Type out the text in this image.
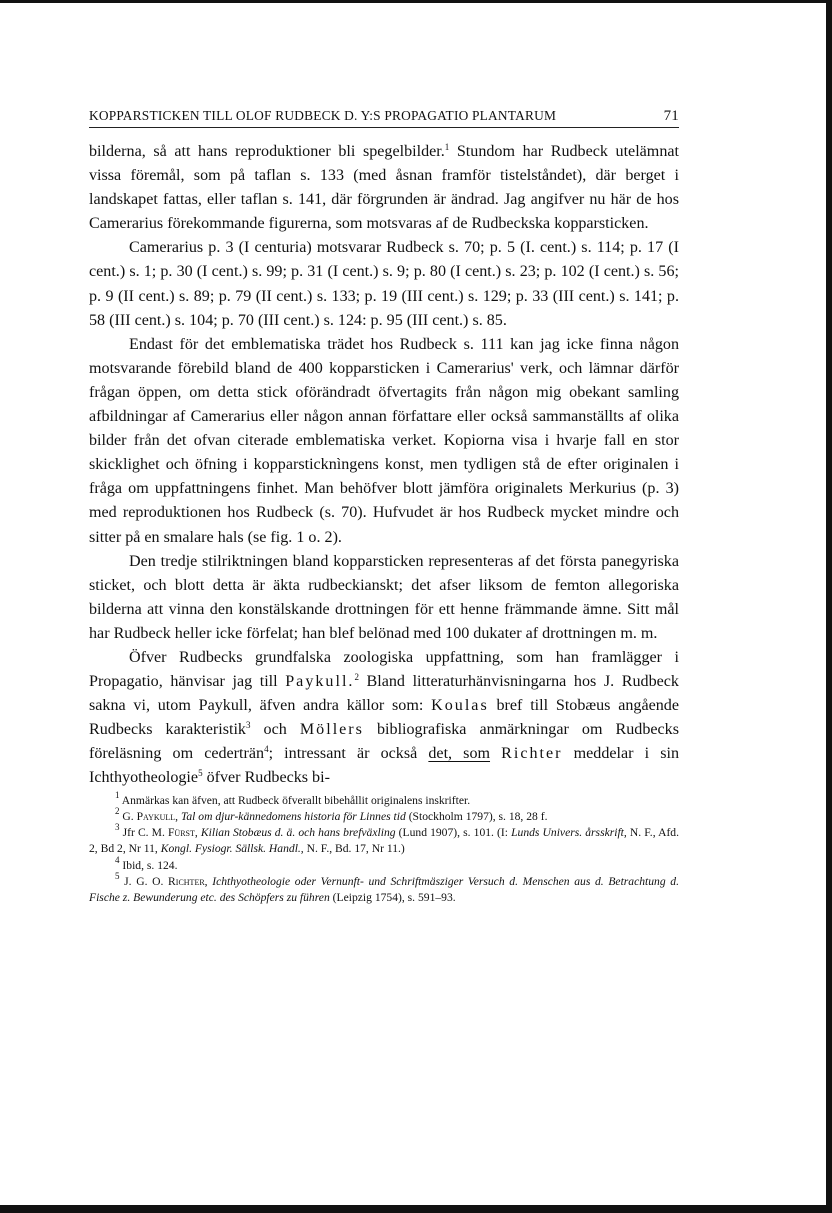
KOPPARSTICKEN TILL OLOF RUDBECK D. Y:S PROPAGATIO PLANTARUM	71

bilderna, så att hans reproduktioner bli spegelbilder.$^1$ Stundom har Rudbeck utelämnat vissa föremål, som på taflan s. 133 (med åsnan framför tistelståndet), där berget i landskapet fattas, eller taflan s. 141, där förgrunden är ändrad. Jag angifver nu här de hos Camerarius förekommande figurerna, som motsvaras af de Rudbeckska kopparsticken.

Camerarius p. 3 (I centuria) motsvarar Rudbeck s. 70; p. 5 (I. cent.) s. 114; p. 17 (I cent.) s. 1; p. 30 (I cent.) s. 99; p. 31 (I cent.) s. 9; p. 80 (I cent.) s. 23; p. 102 (I cent.) s. 56; p. 9 (II cent.) s. 89; p. 79 (II cent.) s. 133; p. 19 (III cent.) s. 129; p. 33 (III cent.) s. 141; p. 58 (III cent.) s. 104; p. 70 (III cent.) s. 124: p. 95 (III cent.) s. 85.

Endast för det emblematiska trädet hos Rudbeck s. 111 kan jag icke finna någon motsvarande förebild bland de 400 kopparsticken i Camerarius' verk, och lämnar därför frågan öppen, om detta stick oförändradt öfvertagits från någon mig obekant samling afbildningar af Camerarius eller någon annan författare eller också sammanställts af olika bilder från det ofvan citerade emblematiska verket. Kopiorna visa i hvarje fall en stor skicklighet och öfning i kopparsticknìngens konst, men tydligen stå de efter originalen i fråga om uppfattningens finhet. Man behöfver blott jämföra originalets Merkurius (p. 3) med reproduktionen hos Rudbeck (s. 70). Hufvudet är hos Rudbeck mycket mindre och sitter på en smalare hals (se fig. 1 o. 2).

Den tredje stilriktningen bland kopparsticken representeras af det första panegyriska sticket, och blott detta är äkta rudbeckianskt; det afser liksom de femton allegoriska bilderna att vinna den konstälskande drottningen för ett henne främmande ämne. Sitt mål har Rudbeck heller icke förfelat; han blef belönad med 100 dukater af drottningen m. m.

Öfver Rudbecks grundfalska zoologiska uppfattning, som han framlägger i Propagatio, hänvisar jag till Paykull.$^2$ Bland litteraturhänvisningarna hos J. Rudbeck sakna vi, utom Paykull, äfven andra källor som: Koulas bref till Stobæus angående Rudbecks karakteristik$^3$ och Möllers bibliografiska anmärkningar om Rudbecks föreläsning om cederträn$^4$; intressant är också det, som Richter meddelar i sin Ichthyotheologie$^5$ öfver Rudbecks bi-

$^1$ Anmärkas kan äfven, att Rudbeck öfverallt bibehållit originalens inskrifter.

$^2$ G. Paykull, Tal om djur-kännedomens historia för Linnes tid (Stockholm 1797), s. 18, 28 f.

$^3$ Jfr C. M. Fürst, Kilian Stobæus d. ä. och hans brefväxling (Lund 1907), s. 101. (I: Lunds Univers. årsskrift, N. F., Afd. 2, Bd 2, Nr 11, Kongl. Fysiogr. Sällsk. Handl., N. F., Bd. 17, Nr 11.)

$^4$ Ibid, s. 124.

$^5$ J. G. O. Richter, Ichthyotheologie oder Vernunft- und Schriftmäsziger Versuch d. Menschen aus d. Betrachtung d. Fische z. Bewunderung etc. des Schöpfers zu führen (Leipzig 1754), s. 591–93.
